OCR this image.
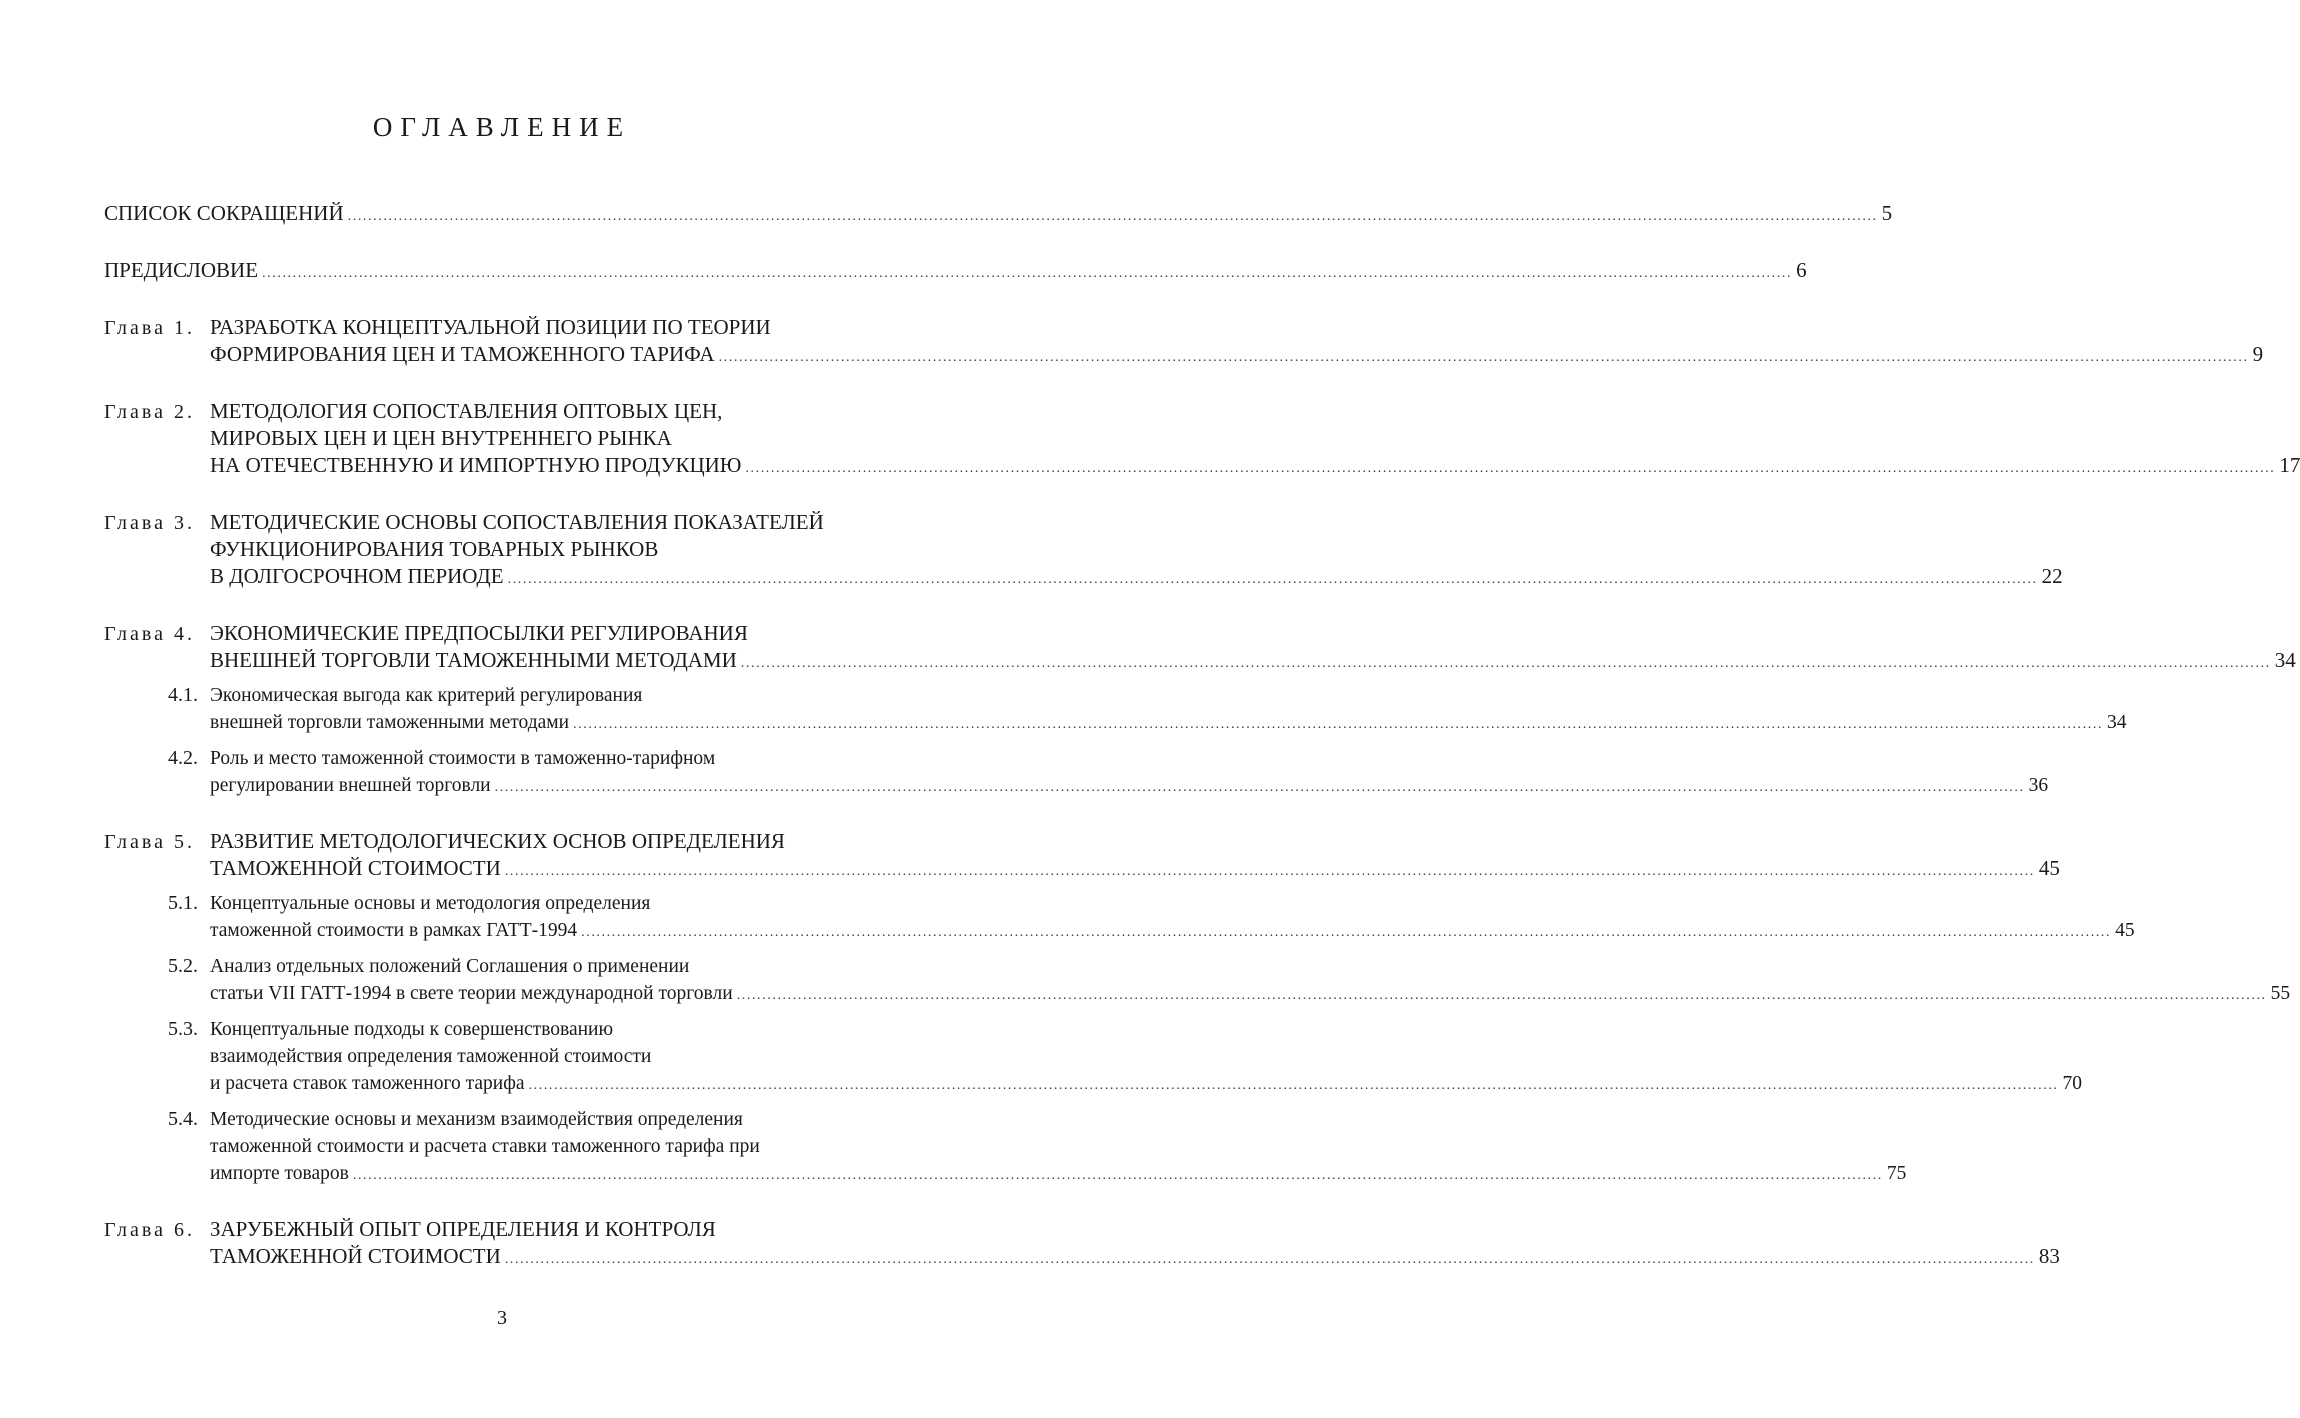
ОГЛАВЛЕНИЕ
СПИСОК СОКРАЩЕНИЙ ............................................................................................................................................................................................................................................................................................................ 5
ПРЕДИСЛОВИЕ ............................................................................................................................................................................................................................................................................................................ 6
Глава 1. РАЗРАБОТКА КОНЦЕПТУАЛЬНОЙ ПОЗИЦИИ ПО ТЕОРИИ
ФОРМИРОВАНИЯ ЦЕН И ТАМОЖЕННОГО ТАРИФА ............................................................................................................................................................................................................................................................................................................ 9
Глава 2. МЕТОДОЛОГИЯ СОПОСТАВЛЕНИЯ ОПТОВЫХ ЦЕН,
МИРОВЫХ ЦЕН И ЦЕН ВНУТРЕННЕГО РЫНКА
НА ОТЕЧЕСТВЕННУЮ И ИМПОРТНУЮ ПРОДУКЦИЮ ............................................................................................................................................................................................................................................................................................................ 17
Глава 3. МЕТОДИЧЕСКИЕ ОСНОВЫ СОПОСТАВЛЕНИЯ ПОКАЗАТЕЛЕЙ
ФУНКЦИОНИРОВАНИЯ ТОВАРНЫХ РЫНКОВ
В ДОЛГОСРОЧНОМ ПЕРИОДЕ ............................................................................................................................................................................................................................................................................................................ 22
Глава 4. ЭКОНОМИЧЕСКИЕ ПРЕДПОСЫЛКИ РЕГУЛИРОВАНИЯ
ВНЕШНЕЙ ТОРГОВЛИ ТАМОЖЕННЫМИ МЕТОДАМИ ............................................................................................................................................................................................................................................................................................................ 34
4.1. Экономическая выгода как критерий регулирования
внешней торговли таможенными методами ............................................................................................................................................................................................................................................................................................................ 34
4.2. Роль и место таможенной стоимости в таможенно-тарифном
регулировании внешней торговли ............................................................................................................................................................................................................................................................................................................ 36
Глава 5. РАЗВИТИЕ МЕТОДОЛОГИЧЕСКИХ ОСНОВ ОПРЕДЕЛЕНИЯ
ТАМОЖЕННОЙ СТОИМОСТИ ............................................................................................................................................................................................................................................................................................................ 45
5.1. Концептуальные основы и методология определения
таможенной стоимости в рамках ГАТТ-1994 ............................................................................................................................................................................................................................................................................................................ 45
5.2. Анализ отдельных положений Соглашения о применении
статьи VII ГАТТ-1994 в свете теории международной торговли ............................................................................................................................................................................................................................................................................................................ 55
5.3. Концептуальные подходы к совершенствованию
взаимодействия определения таможенной стоимости
и расчета ставок таможенного тарифа ............................................................................................................................................................................................................................................................................................................ 70
5.4. Методические основы и механизм взаимодействия определения
таможенной стоимости и расчета ставки таможенного тарифа при
импорте товаров ............................................................................................................................................................................................................................................................................................................ 75
Глава 6. ЗАРУБЕЖНЫЙ ОПЫТ ОПРЕДЕЛЕНИЯ И КОНТРОЛЯ
ТАМОЖЕННОЙ СТОИМОСТИ ............................................................................................................................................................................................................................................................................................................ 83
3
